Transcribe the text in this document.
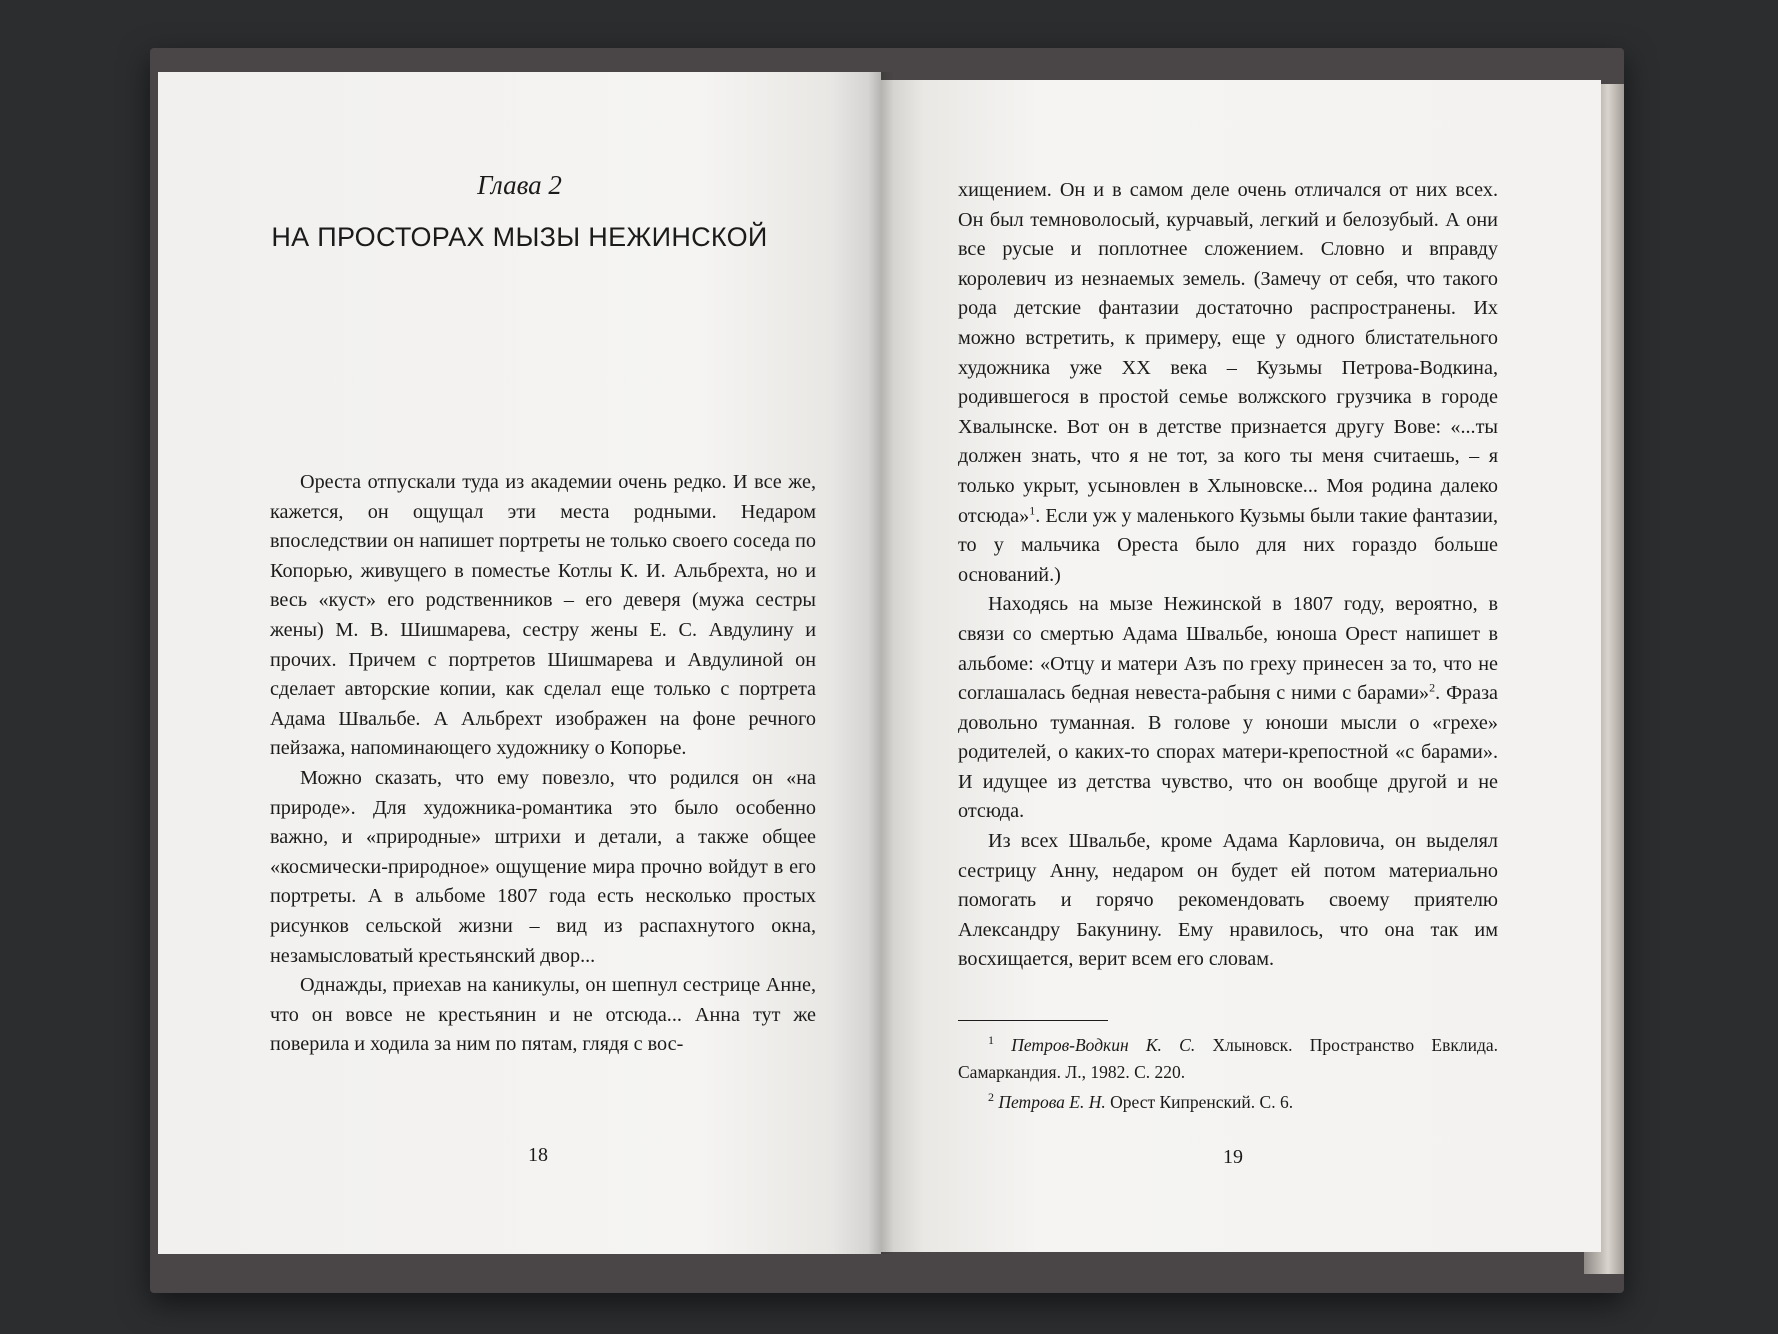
Глава 2
НА ПРОСТОРАХ МЫЗЫ НЕЖИНСКОЙ

Ореста отпускали туда из академии очень редко. И все же, кажется, он ощущал эти места родными. Недаром впоследствии он напишет портреты не только своего соседа по Копорью, живущего в поместье Котлы К. И. Альбрехта, но и весь «куст» его родственников – его деверя (мужа сестры жены) М. В. Шишмарева, сестру жены Е. С. Авдулину и прочих. Причем с портретов Шишмарева и Авдулиной он сделает авторские копии, как сделал еще только с портрета Адама Швальбе. А Альбрехт изображен на фоне речного пейзажа, напоминающего художнику о Копорье.

Можно сказать, что ему повезло, что родился он «на природе». Для художника-романтика это было особенно важно, и «природные» штрихи и детали, а также общее «космически-природное» ощущение мира прочно войдут в его портреты. А в альбоме 1807 года есть несколько простых рисунков сельской жизни – вид из распахнутого окна, незамысловатый крестьянский двор...

Однажды, приехав на каникулы, он шепнул сестрице Анне, что он вовсе не крестьянин и не отсюда... Анна тут же поверила и ходила за ним по пятам, глядя с вос-

18

хищением. Он и в самом деле очень отличался от них всех. Он был темноволосый, курчавый, легкий и белозубый. А они все русые и поплотнее сложением. Словно и вправду королевич из незнаемых земель. (Замечу от себя, что такого рода детские фантазии достаточно распространены. Их можно встретить, к примеру, еще у одного блистательного художника уже ХХ века – Кузьмы Петрова-Водкина, родившегося в простой семье волжского грузчика в городе Хвалынске. Вот он в детстве признается другу Вове: «...ты должен знать, что я не тот, за кого ты меня считаешь, – я только укрыт, усыновлен в Хлыновске... Моя родина далеко отсюда»$^1$. Если уж у маленького Кузьмы были такие фантазии, то у мальчика Ореста было для них гораздо больше оснований.)

Находясь на мызе Нежинской в 1807 году, вероятно, в связи со смертью Адама Швальбе, юноша Орест напишет в альбоме: «Отцу и матери Азъ по греху принесен за то, что не соглашалась бедная невеста-рабыня с ними с барами»$^2$. Фраза довольно туманная. В голове у юноши мысли о «грехе» родителей, о каких-то спорах матери-крепостной «с барами». И идущее из детства чувство, что он вообще другой и не отсюда.

Из всех Швальбе, кроме Адама Карловича, он выделял сестрицу Анну, недаром он будет ей потом материально помогать и горячо рекомендовать своему приятелю Александру Бакунину. Ему нравилось, что она так им восхищается, верит всем его словам.

$^1$ Петров-Водкин К. С. Хлыновск. Пространство Евклида. Самаркандия. Л., 1982. С. 220.

$^2$ Петрова Е. Н. Орест Кипренский. С. 6.

19
